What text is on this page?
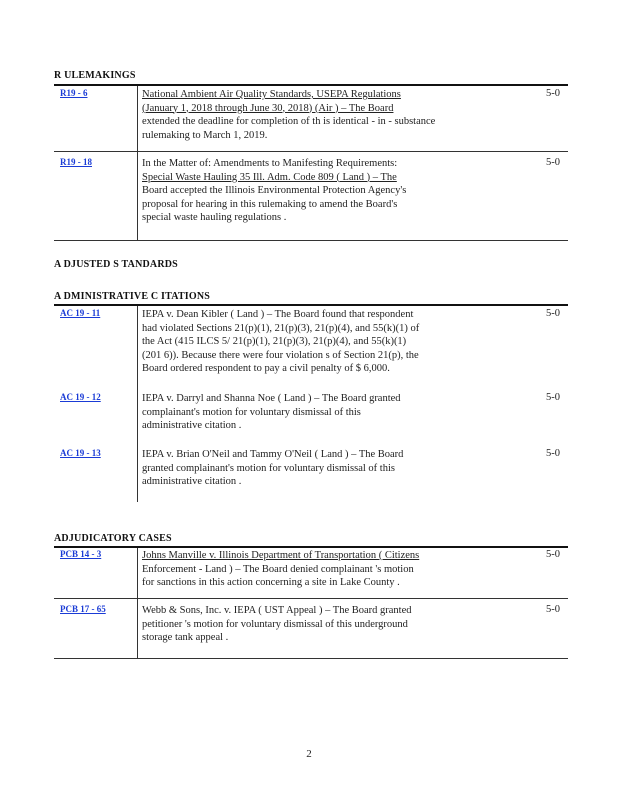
R ULEMAKINGS
R19 - 6	National Ambient Air Quality Standards, USEPA Regulations
(January 1, 2018 through June 30, 2018) (Air ) – The Board
extended the deadline for completion of th is identical - in - substance
rulemaking to March 1, 2019.
5-0
R19 - 18	In the Matter of: Amendments to Manifesting Requirements:
Special Waste Hauling 35 Ill. Adm. Code 809 ( Land ) – The
Board accepted the Illinois Environmental Protection Agency's
proposal for hearing in this rulemaking to amend the Board's
special waste hauling regulations .
5-0
A DJUSTED S TANDARDS
A DMINISTRATIVE C ITATIONS
AC 19 - 11	IEPA v. Dean Kibler ( Land ) – The Board found that respondent
had violated Sections 21(p)(1), 21(p)(3), 21(p)(4), and 55(k)(1) of
the Act (415 ILCS 5/ 21(p)(1), 21(p)(3), 21(p)(4), and 55(k)(1)
(201 6)). Because there were four violation s of Section 21(p), the
Board ordered respondent to pay a civil penalty of $ 6,000.
5-0
AC 19 - 12	IEPA v. Darryl and Shanna Noe ( Land ) – The Board granted
complainant's motion for voluntary dismissal of this
administrative citation .
5-0
AC 19 - 13	IEPA v. Brian O'Neil and Tammy O'Neil ( Land ) – The Board
granted complainant's motion for voluntary dismissal of this
administrative citation .
5-0
ADJUDICATORY CASES
PCB 14 - 3	Johns Manville v. Illinois Department of Transportation ( Citizens
Enforcement - Land ) – The Board denied complainant 's motion
for sanctions in this action concerning a site in Lake County .
5-0
PCB 17 - 65	Webb & Sons, Inc. v. IEPA ( UST Appeal ) – The Board granted
petitioner 's motion for voluntary dismissal of this underground
storage tank appeal .
5-0
2
